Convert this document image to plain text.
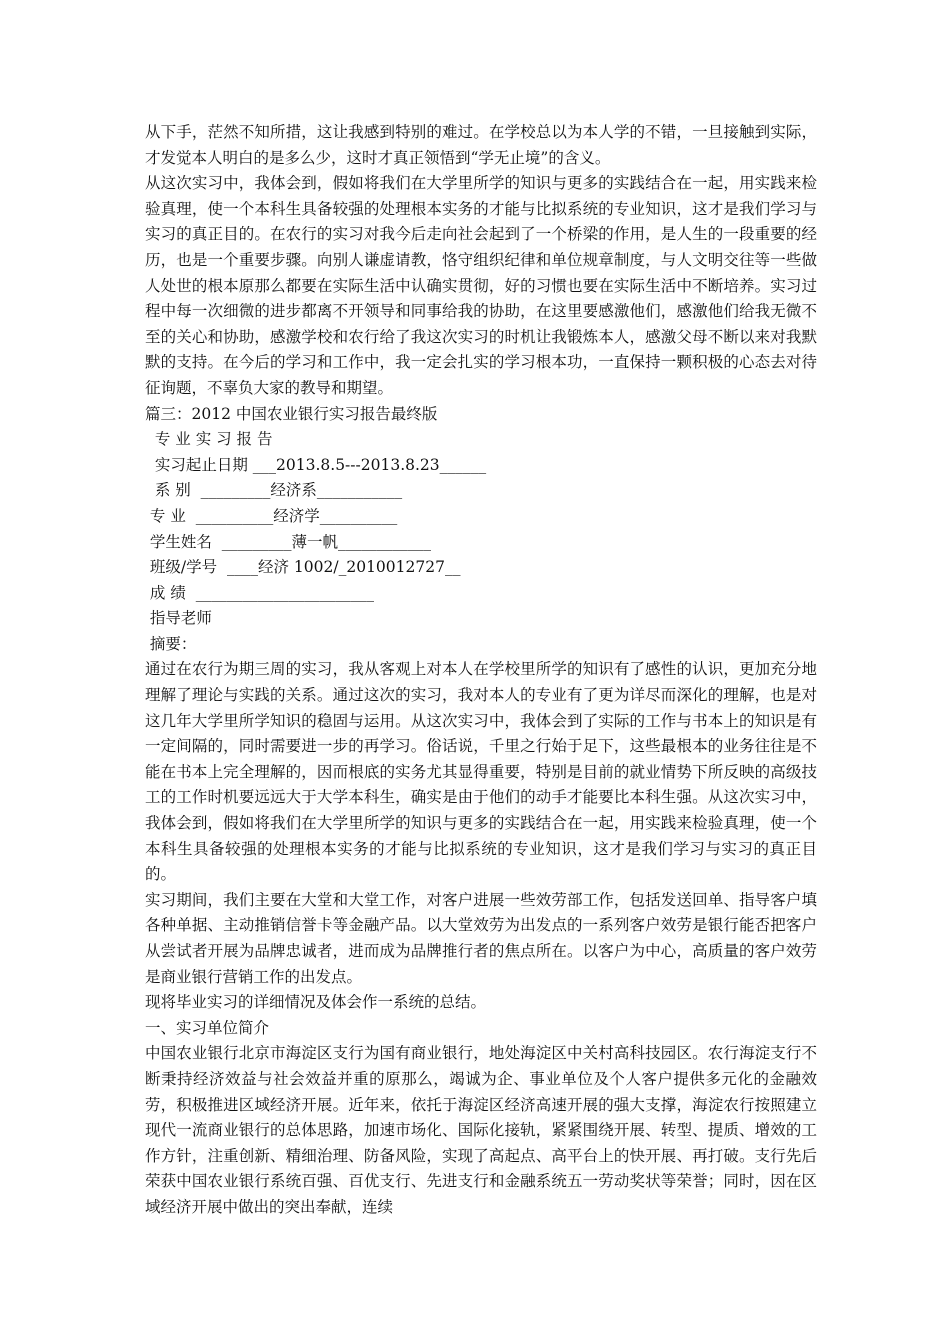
从下手，茫然不知所措，这让我感到特别的难过。在学校总以为本人学的不错，一旦接触到实际，才发觉本人明白的是多么少，这时才真正领悟到“学无止境”的含义。

从这次实习中，我体会到，假如将我们在大学里所学的知识与更多的实践结合在一起，用实践来检验真理，使一个本科生具备较强的处理根本实务的才能与比拟系统的专业知识，这才是我们学习与实习的真正目的。在农行的实习对我今后走向社会起到了一个桥梁的作用，是人生的一段重要的经历，也是一个重要步骤。向别人谦虚请教，恪守组织纪律和单位规章制度，与人文明交往等一些做人处世的根本原那么都要在实际生活中认确实贯彻，好的习惯也要在实际生活中不断培养。实习过程中每一次细微的进步都离不开领导和同事给我的协助，在这里要感激他们，感激他们给我无微不至的关心和协助，感激学校和农行给了我这次实习的时机让我锻炼本人，感激父母不断以来对我默默的支持。在今后的学习和工作中，我一定会扎实的学习根本功，一直保持一颗积极的心态去对待征询题，不辜负大家的教导和期望。

篇三：2012 中国农业银行实习报告最终版

专 业 实 习 报 告

实习起止日期 ___2013.8.5---2013.8.23______

系 别  _________经济系___________

专 业  __________经济学__________

学生姓名  _________薄一帆____________

班级/学号  ____经济 1002/_2010012727__

成 绩  _______________________

指导老师

摘要：

通过在农行为期三周的实习，我从客观上对本人在学校里所学的知识有了感性的认识，更加充分地理解了理论与实践的关系。通过这次的实习，我对本人的专业有了更为详尽而深化的理解，也是对这几年大学里所学知识的稳固与运用。从这次实习中，我体会到了实际的工作与书本上的知识是有一定间隔的，同时需要进一步的再学习。俗话说，千里之行始于足下，这些最根本的业务往往是不能在书本上完全理解的，因而根底的实务尤其显得重要，特别是目前的就业情势下所反映的高级技工的工作时机要远远大于大学本科生，确实是由于他们的动手才能要比本科生强。从这次实习中，我体会到，假如将我们在大学里所学的知识与更多的实践结合在一起，用实践来检验真理，使一个本科生具备较强的处理根本实务的才能与比拟系统的专业知识，这才是我们学习与实习的真正目的。

实习期间，我们主要在大堂和大堂工作，对客户进展一些效劳部工作，包括发送回单、指导客户填各种单据、主动推销信誉卡等金融产品。以大堂效劳为出发点的一系列客户效劳是银行能否把客户从尝试者开展为品牌忠诚者，进而成为品牌推行者的焦点所在。以客户为中心，高质量的客户效劳是商业银行营销工作的出发点。

现将毕业实习的详细情况及体会作一系统的总结。

一、实习单位简介

中国农业银行北京市海淀区支行为国有商业银行，地处海淀区中关村高科技园区。农行海淀支行不断秉持经济效益与社会效益并重的原那么，竭诚为企、事业单位及个人客户提供多元化的金融效劳，积极推进区域经济开展。近年来，依托于海淀区经济高速开展的强大支撑，海淀农行按照建立现代一流商业银行的总体思路，加速市场化、国际化接轨，紧紧围绕开展、转型、提质、增效的工作方针，注重创新、精细治理、防备风险，实现了高起点、高平台上的快开展、再打破。支行先后荣获中国农业银行系统百强、百优支行、先进支行和金融系统五一劳动奖状等荣誉；同时，因在区域经济开展中做出的突出奉献，连续
